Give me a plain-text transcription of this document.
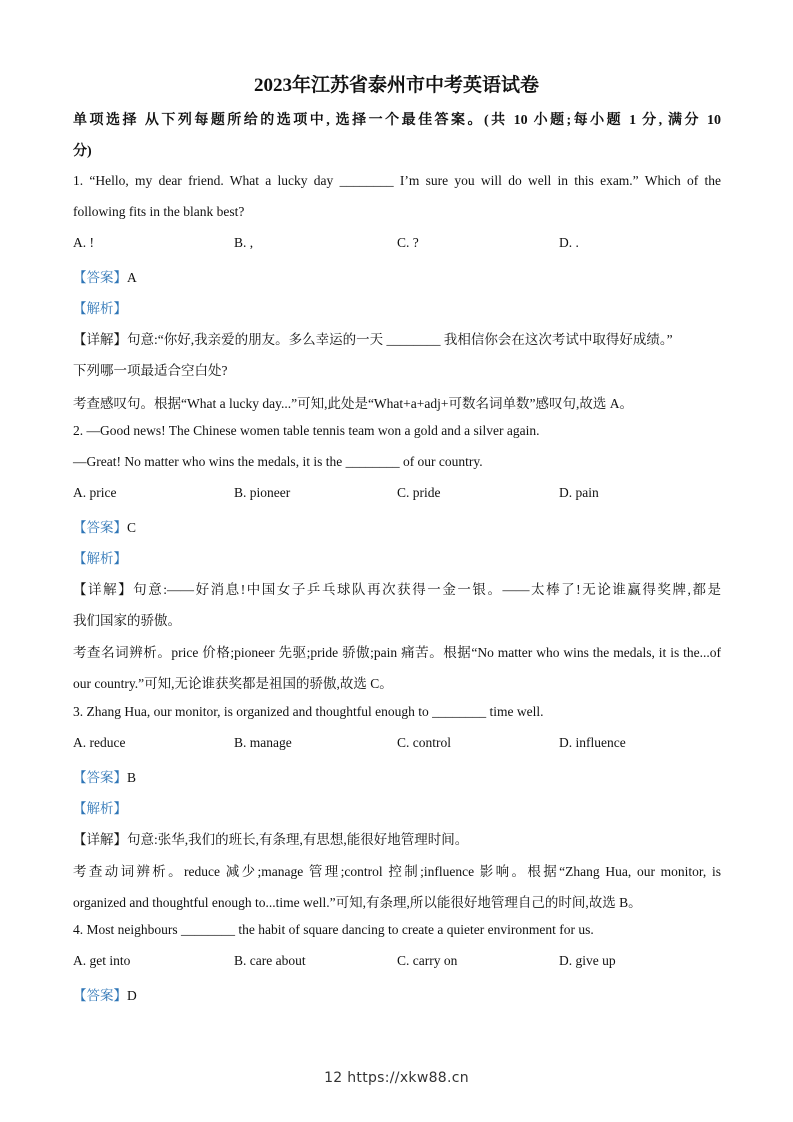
2023年江苏省泰州市中考英语试卷
单项选择 从下列每题所给的选项中, 选择一个最佳答案。(共 10 小题;每小题 1 分, 满分 10
分)
1. “Hello, my dear friend. What a lucky day ________ I’m sure you will do well in this exam.” Which of the
following fits in the blank best?
A. !	B. ,	C. ?	D. .
【答案】A
【解析】
【详解】句意:“你好,我亲爱的朋友。多么幸运的一天 ________ 我相信你会在这次考试中取得好成绩。”
下列哪一项最适合空白处?
考查感叹句。根据“What a lucky day...”可知,此处是“What+a+adj+可数名词单数”感叹句,故选 A。
2. —Good news! The Chinese women table tennis team won a gold and a silver again.
—Great! No matter who wins the medals, it is the ________ of our country.
A. price	B. pioneer	C. pride	D. pain
【答案】C
【解析】
【详解】句意:——好消息!中国女子乒乓球队再次获得一金一银。——太棒了!无论谁赢得奖牌,都是
我们国家的骄傲。
考查名词辨析。price 价格;pioneer 先驱;pride 骄傲;pain 痛苦。根据“No matter who wins the medals, it is the...of
our country.”可知,无论谁获奖都是祖国的骄傲,故选 C。
3. Zhang Hua, our monitor, is organized and thoughtful enough to ________ time well.
A. reduce	B. manage	C. control	D. influence
【答案】B
【解析】
【详解】句意:张华,我们的班长,有条理,有思想,能很好地管理时间。
考查动词辨析。reduce 减少;manage 管理;control 控制;influence 影响。根据“Zhang Hua, our monitor, is
organized and thoughtful enough to...time well.”可知,有条理,所以能很好地管理自己的时间,故选 B。
4. Most neighbours ________ the habit of square dancing to create a quieter environment for us.
A. get into	B. care about	C. carry on	D. give up
【答案】D
12 https://xkw88.cn
